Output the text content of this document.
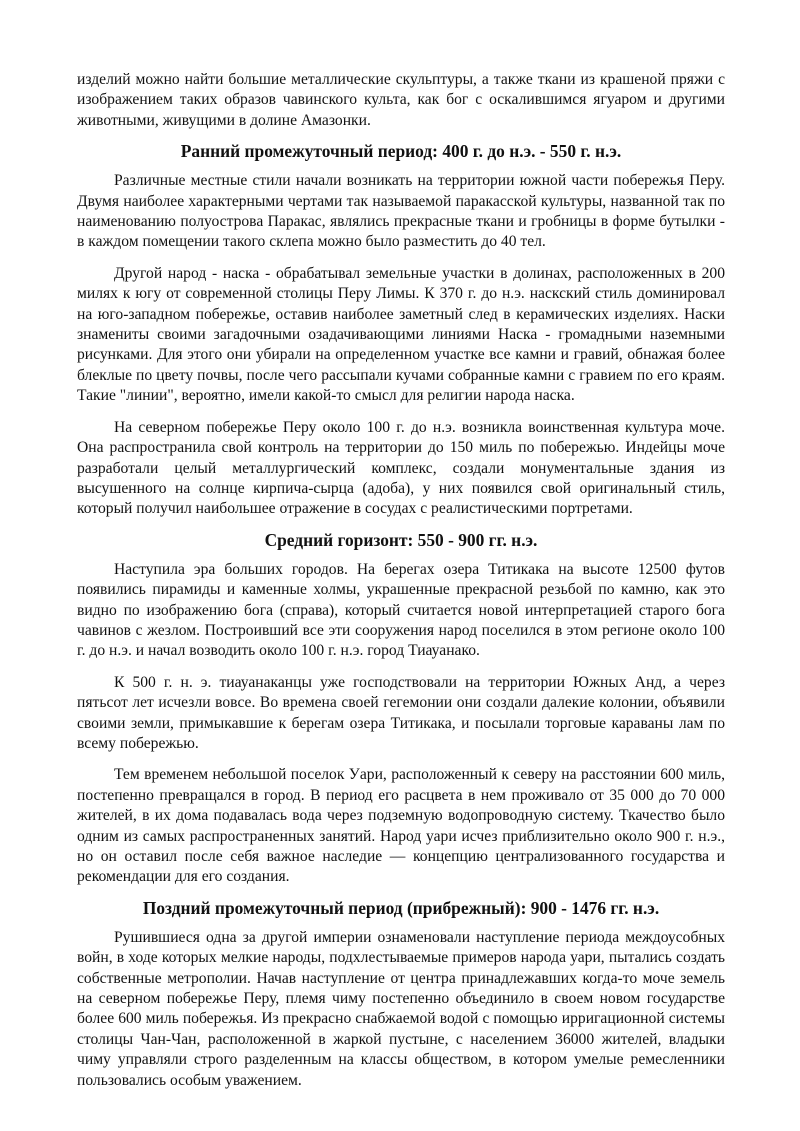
изделий можно найти большие металлические скульптуры, а также ткани из крашеной пряжи с изображением таких образов чавинского культа, как бог с оскалившимся ягуаром и другими животными, живущими в долине Амазонки.

Ранний промежуточный период: 400 г. до н.э. - 550 г. н.э.

Различные местные стили начали возникать на территории южной части побережья Перу. Двумя наиболее характерными чертами так называемой паракасской культуры, названной так по наименованию полуострова Паракас, являлись прекрасные ткани и гробницы в форме бутылки - в каждом помещении такого склепа можно было разместить до 40 тел.

Другой народ - наска - обрабатывал земельные участки в долинах, расположенных в 200 милях к югу от современной столицы Перу Лимы. К 370 г. до н.э. наскский стиль доминировал на юго-западном побережье, оставив наиболее заметный след в керамических изделиях. Наски знамениты своими загадочными озадачивающими линиями Наска - громадными наземными рисунками. Для этого они убирали на определенном участке все камни и гравий, обнажая более блеклые по цвету почвы, после чего рассыпали кучами собранные камни с гравием по его краям. Такие "линии", вероятно, имели какой-то смысл для религии народа наска.

На северном побережье Перу около 100 г. до н.э. возникла воинственная культура моче. Она распространила свой контроль на территории до 150 миль по побережью. Индейцы моче разработали целый металлургический комплекс, создали монументальные здания из высушенного на солнце кирпича-сырца (адоба), у них появился свой оригинальный стиль, который получил наибольшее отражение в сосудах с реалистическими портретами.

Средний горизонт: 550 - 900 гг. н.э.

Наступила эра больших городов. На берегах озера Титикака на высоте 12500 футов появились пирамиды и каменные холмы, украшенные прекрасной резьбой по камню, как это видно по изображению бога (справа), который считается новой интерпретацией старого бога чавинов с жезлом. Построивший все эти сооружения народ поселился в этом регионе около 100 г. до н.э. и начал возводить около 100 г. н.э. город Тиауанако.

К 500 г. н. э. тиауанаканцы уже господствовали на территории Южных Анд, а через пятьсот лет исчезли вовсе. Во времена своей гегемонии они создали далекие колонии, объявили своими земли, примыкавшие к берегам озера Титикака, и посылали торговые караваны лам по всему побережью.

Тем временем небольшой поселок Уари, расположенный к северу на расстоянии 600 миль, постепенно превращался в город. В период его расцвета в нем проживало от 35 000 до 70 000 жителей, в их дома подавалась вода через подземную водопроводную систему. Ткачество было одним из самых распространенных занятий. Народ уари исчез приблизительно около 900 г. н.э., но он оставил после себя важное наследие — концепцию централизованного государства и рекомендации для его создания.

Поздний промежуточный период (прибрежный): 900 - 1476 гг. н.э.

Рушившиеся одна за другой империи ознаменовали наступление периода междоусобных войн, в ходе которых мелкие народы, подхлестываемые примеров народа уари, пытались создать собственные метрополии. Начав наступление от центра принадлежавших когда-то моче земель на северном побережье Перу, племя чиму постепенно объединило в своем новом государстве более 600 миль побережья. Из прекрасно снабжаемой водой с помощью ирригационной системы столицы Чан-Чан, расположенной в жаркой пустыне, с населением 36000 жителей, владыки чиму управляли строго разделенным на классы обществом, в котором умелые ремесленники пользовались особым уважением.
